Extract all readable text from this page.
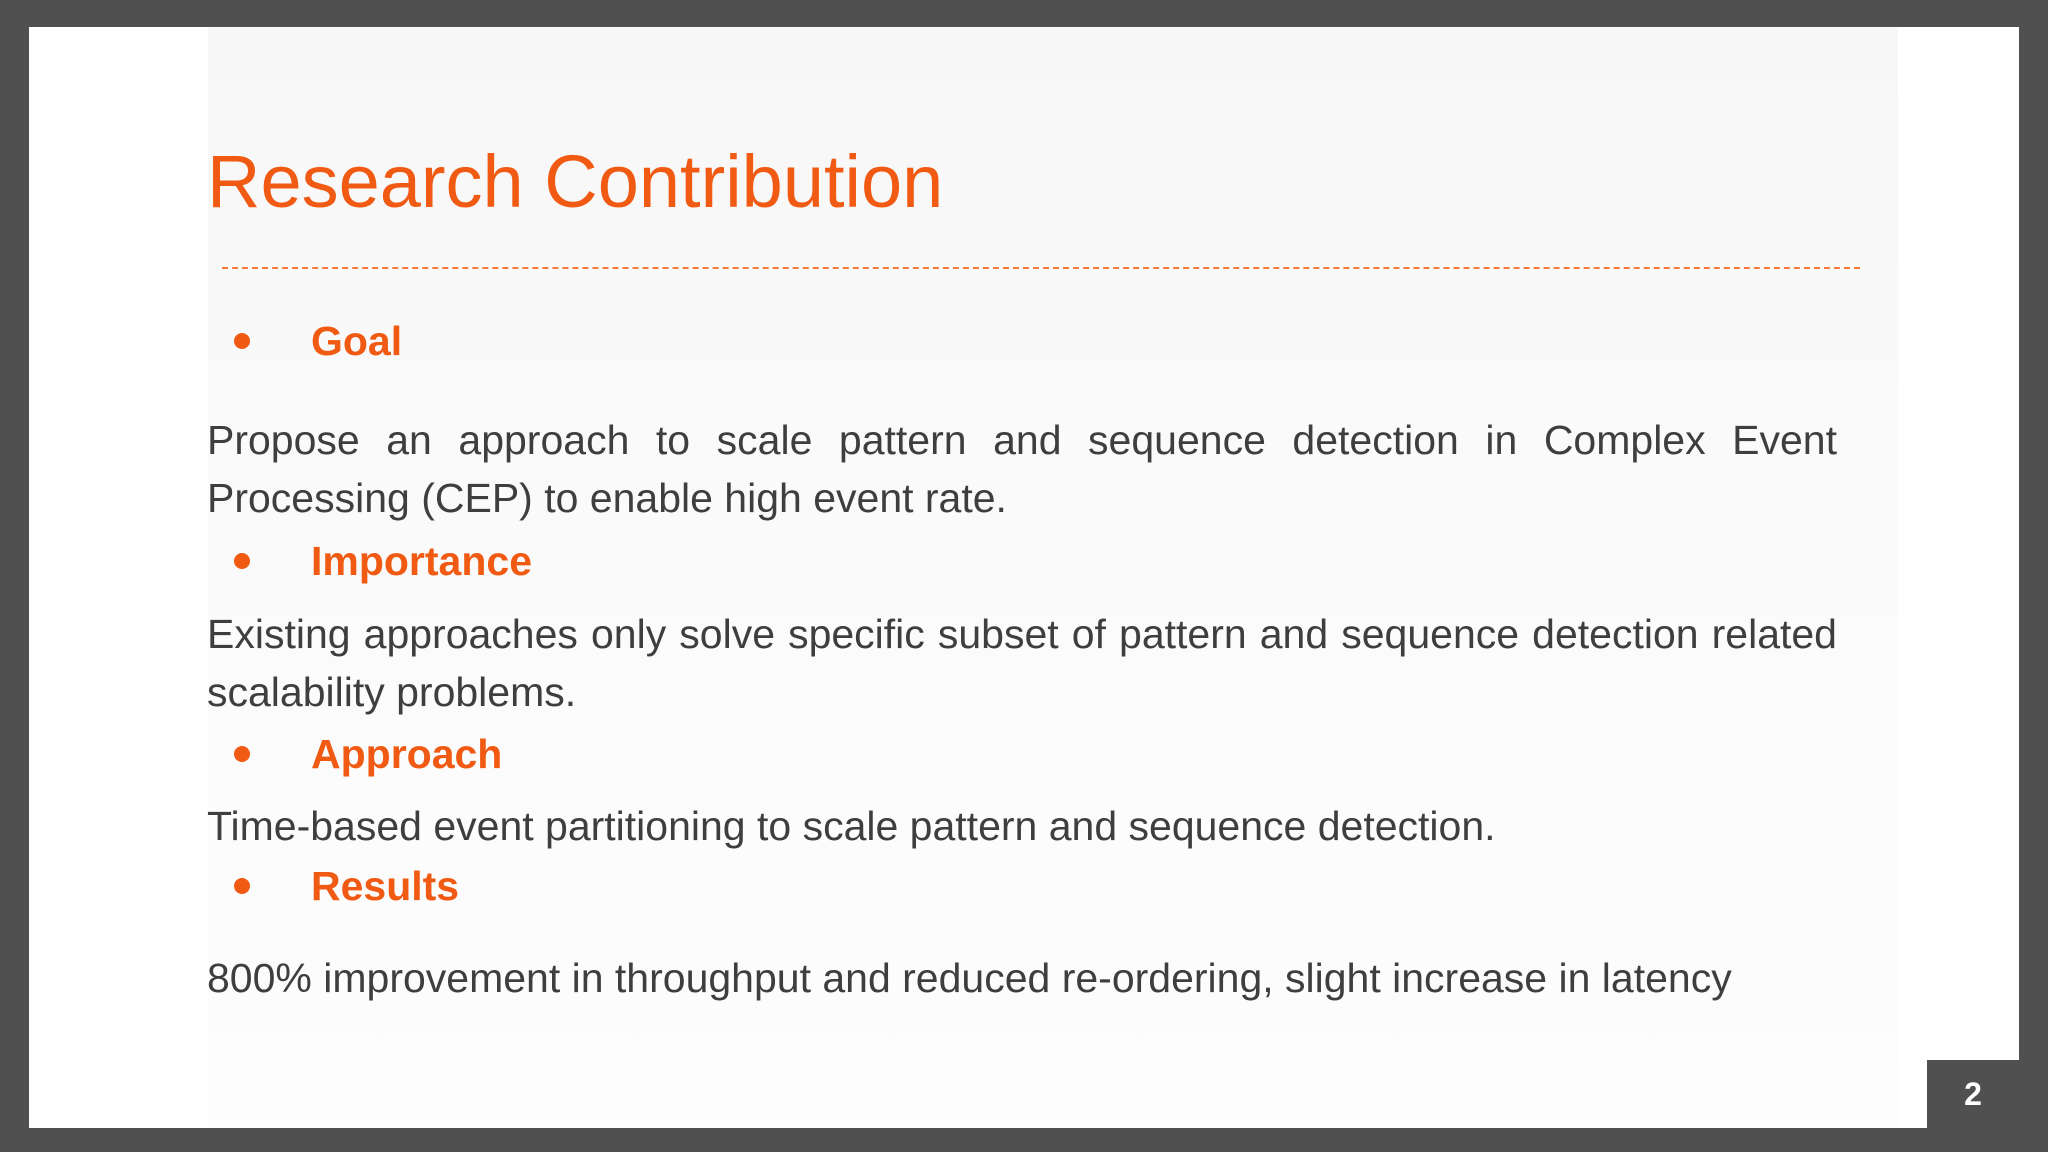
Research Contribution
Goal

Propose an approach to scale pattern and sequence detection in Complex Event Processing (CEP) to enable high event rate.

Importance

Existing approaches only solve specific subset of pattern and sequence detection related scalability problems.

Approach

Time-based event partitioning to scale pattern and sequence detection.

Results

800% improvement in throughput and reduced re-ordering, slight increase in latency

2
